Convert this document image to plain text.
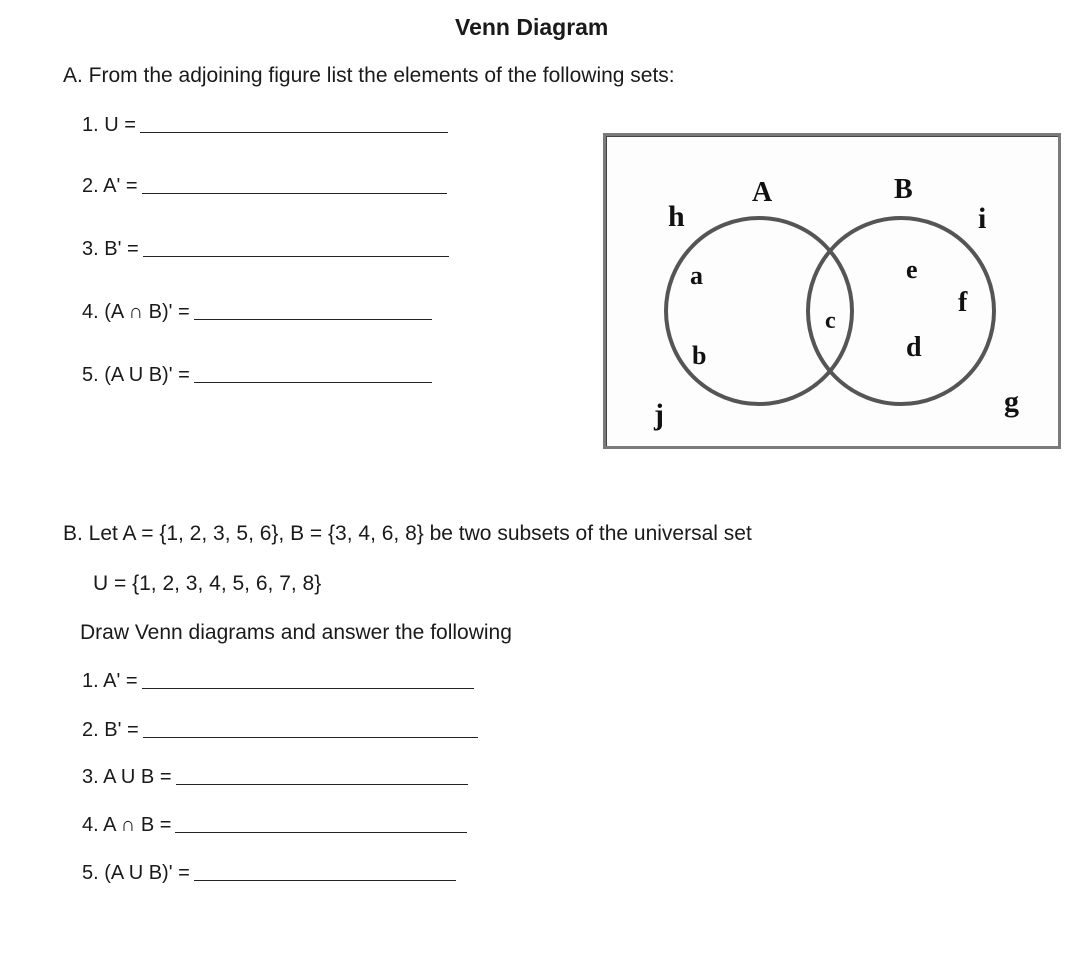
Venn Diagram
A. From the adjoining figure list the elements of the following sets:
1. U =
2. A' =
3. B' =
4. (A ∩ B)' =
5. (A U B)' =
A	B
h
a
b
j
c
e
f
d
i
g
B. Let A = {1, 2, 3, 5, 6}, B = {3, 4, 6, 8} be two subsets of the universal set
U = {1, 2, 3, 4, 5, 6, 7, 8}
Draw Venn diagrams and answer the following
1. A' =
2. B' =
3. A U B =
4. A ∩ B =
5. (A U B)' =
